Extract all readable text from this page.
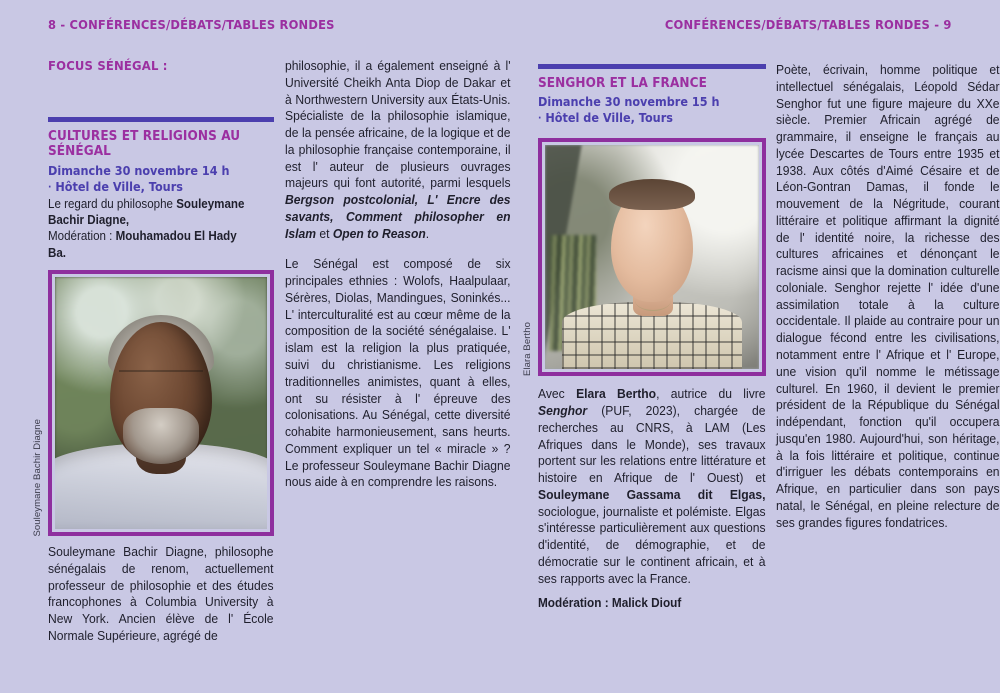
8 - CONFÉRENCES/DÉBATS/TABLES RONDES	CONFÉRENCES/DÉBATS/TABLES RONDES - 9
FOCUS SÉNÉGAL :
CULTURES ET RELIGIONS AU SÉNÉGAL
Dimanche 30 novembre 14 h
· Hôtel de Ville, Tours

Le regard du philosophe Souleymane Bachir Diagne,
Modération : Mouhamadou El Hady Ba.

Souleymane Bachir Diagne

Souleymane Bachir Diagne, philosophe sénégalais de renom, actuellement professeur de philosophie et des études francophones à Columbia University à New York. Ancien élève de l' École Normale Supérieure, agrégé de

philosophie, il a également enseigné à l' Université Cheikh Anta Diop de Dakar et à Northwestern University aux États-Unis. Spécialiste de la philosophie islamique, de la pensée africaine, de la logique et de la philosophie française contemporaine, il est l' auteur de plusieurs ouvrages majeurs qui font autorité, parmi lesquels Bergson postcolonial, L' Encre des savants, Comment philosopher en Islam et Open to Reason.

Le Sénégal est composé de six principales ethnies : Wolofs, Haalpulaar, Sérères, Diolas, Mandingues, Soninkés... L' interculturalité est au cœur même de la composition de la société sénégalaise. L' islam est la religion la plus pratiquée, suivi du christianisme. Les religions traditionnelles animistes, quant à elles, ont su résister à l' épreuve des colonisations. Au Sénégal, cette diversité cohabite harmonieusement, sans heurts. Comment expliquer un tel « miracle » ? Le professeur Souleymane Bachir Diagne nous aide à en comprendre les raisons.

SENGHOR ET LA FRANCE
Dimanche 30 novembre 15 h
· Hôtel de Ville, Tours
Elara Bertho

Avec Elara Bertho, autrice du livre Senghor (PUF, 2023), chargée de recherches au CNRS, à LAM (Les Afriques dans le Monde), ses travaux portent sur les relations entre littérature et histoire en Afrique de l' Ouest) et Souleymane Gassama dit Elgas, sociologue, journaliste et polémiste. Elgas s'intéresse particulièrement aux questions d'identité, de démographie, et de démocratie sur le continent africain, et à ses rapports avec la France.

Modération : Malick Diouf

Poète, écrivain, homme politique et intellectuel sénégalais, Léopold Sédar Senghor fut une figure majeure du XXe siècle. Premier Africain agrégé de grammaire, il enseigne le français au lycée Descartes de Tours entre 1935 et 1938. Aux côtés d'Aimé Césaire et de Léon-Gontran Damas, il fonde le mouvement de la Négritude, courant littéraire et politique affirmant la dignité de l' identité noire, la richesse des cultures africaines et dénonçant le racisme ainsi que la domination culturelle coloniale. Senghor rejette l' idée d'une assimilation totale à la culture occidentale. Il plaide au contraire pour un dialogue fécond entre les civilisations, notamment entre l' Afrique et l' Europe, une vision qu'il nomme le métissage culturel. En 1960, il devient le premier président de la République du Sénégal indépendant, fonction qu'il occupera jusqu'en 1980. Aujourd'hui, son héritage, à la fois littéraire et politique, continue d'irriguer les débats contemporains en Afrique, en particulier dans son pays natal, le Sénégal, en pleine relecture de ses grandes figures fondatrices.
